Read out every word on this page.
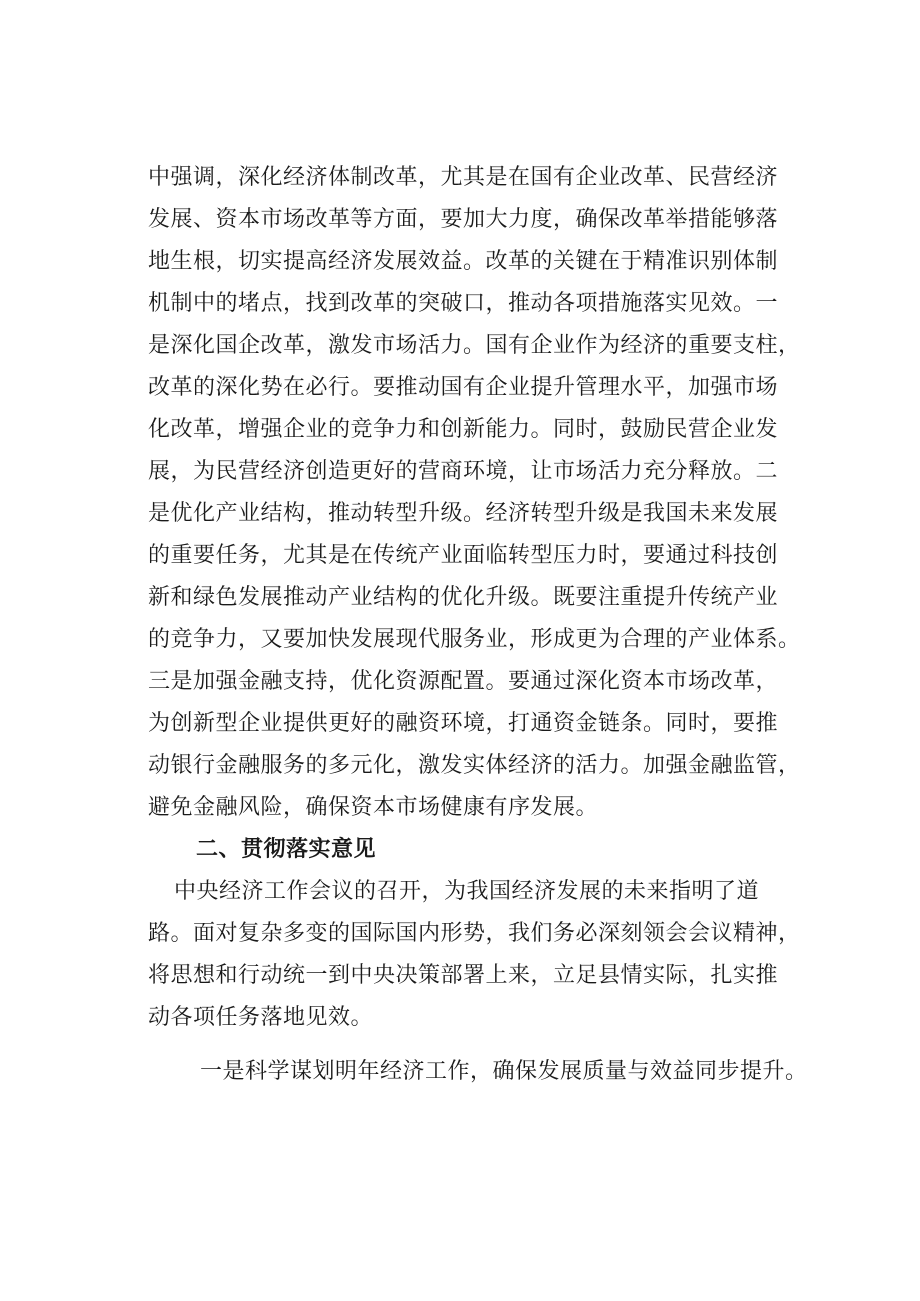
中强调，深化经济体制改革，尤其是在国有企业改革、民营经济
发展、资本市场改革等方面，要加大力度，确保改革举措能够落
地生根，切实提高经济发展效益。改革的关键在于精准识别体制
机制中的堵点，找到改革的突破口，推动各项措施落实见效。一
是深化国企改革，激发市场活力。国有企业作为经济的重要支柱，
改革的深化势在必行。要推动国有企业提升管理水平，加强市场
化改革，增强企业的竞争力和创新能力。同时，鼓励民营企业发
展，为民营经济创造更好的营商环境，让市场活力充分释放。二
是优化产业结构，推动转型升级。经济转型升级是我国未来发展
的重要任务，尤其是在传统产业面临转型压力时，要通过科技创
新和绿色发展推动产业结构的优化升级。既要注重提升传统产业
的竞争力，又要加快发展现代服务业，形成更为合理的产业体系。
三是加强金融支持，优化资源配置。要通过深化资本市场改革，
为创新型企业提供更好的融资环境，打通资金链条。同时，要推
动银行金融服务的多元化，激发实体经济的活力。加强金融监管，
避免金融风险，确保资本市场健康有序发展。
二、贯彻落实意见
中央经济工作会议的召开，为我国经济发展的未来指明了道
路。面对复杂多变的国际国内形势，我们务必深刻领会会议精神，
将思想和行动统一到中央决策部署上来，立足县情实际，扎实推
动各项任务落地见效。
一是科学谋划明年经济工作，确保发展质量与效益同步提升。
